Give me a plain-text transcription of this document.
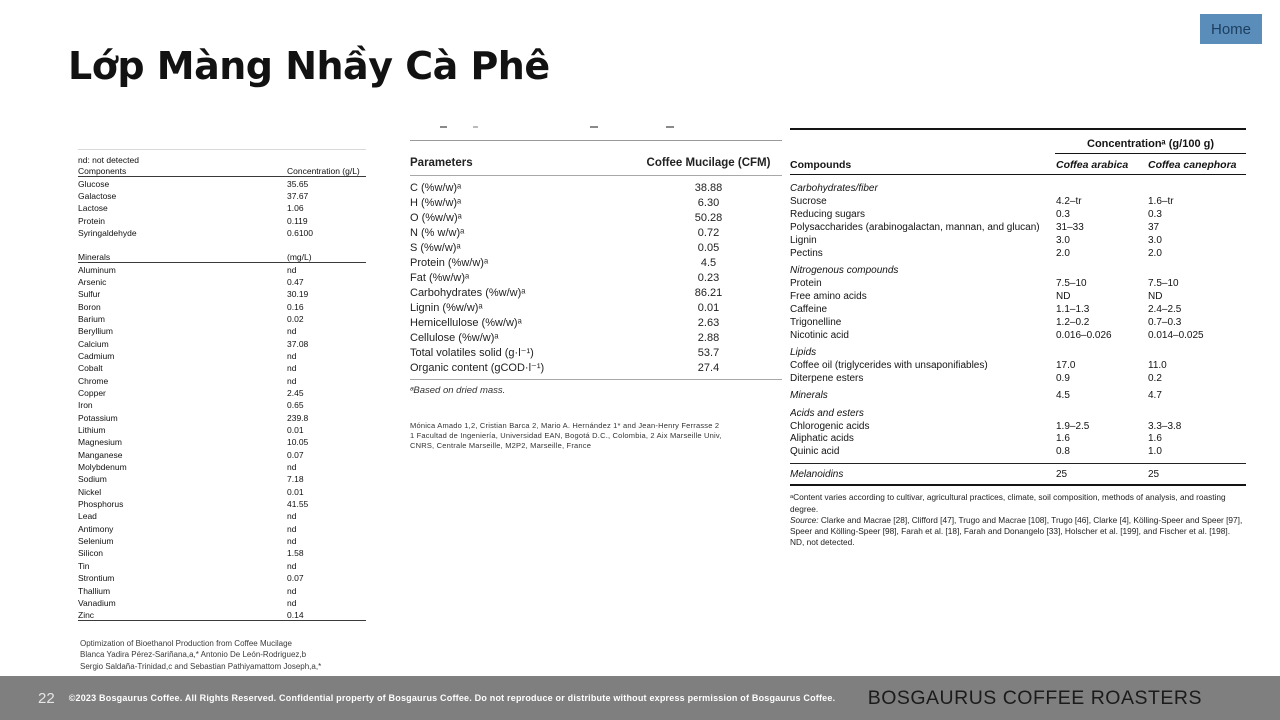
Home
Lớp Màng Nhầy Cà Phê
nd: not detected
Components	Concentration (g/L)
Glucose	35.65
Galactose	37.67
Lactose	1.06
Protein	0.119
Syringaldehyde	0.6100
Minerals	(mg/L)
Aluminum	nd
Arsenic	0.47
Sulfur	30.19
Boron	0.16
Barium	0.02
Beryllium	nd
Calcium	37.08
Cadmium	nd
Cobalt	nd
Chrome	nd
Copper	2.45
Iron	0.65
Potassium	239.8
Lithium	0.01
Magnesium	10.05
Manganese	0.07
Molybdenum	nd
Sodium	7.18
Nickel	0.01
Phosphorus	41.55
Lead	nd
Antimony	nd
Selenium	nd
Silicon	1.58
Tin	nd
Strontium	0.07
Thallium	nd
Vanadium	nd
Zinc	0.14
Optimization of Bioethanol Production from Coffee Mucilage
Blanca Yadira Pérez-Sariñana,a,* Antonio De León-Rodriguez,b
Sergio Saldaña-Trinidad,c and Sebastian Pathiyamattom Joseph,a,*
Parameters	Coffee Mucilage (CFM)
C (%w/w)ᵃ	38.88
H (%w/w)ᵃ	6.30
O (%w/w)ᵃ	50.28
N (% w/w)ᵃ	0.72
S (%w/w)ᵃ	0.05
Protein (%w/w)ᵃ	4.5
Fat (%w/w)ᵃ	0.23
Carbohydrates (%w/w)ᵃ	86.21
Lignin (%w/w)ᵃ	0.01
Hemicellulose (%w/w)ᵃ	2.63
Cellulose (%w/w)ᵃ	2.88
Total volatiles solid (g·l⁻¹)	53.7
Organic content (gCOD·l⁻¹)	27.4
ᵃBased on dried mass.
Mónica Amado 1,2, Cristian Barca 2, Mario A. Hernández 1* and Jean-Henry Ferrasse 2
1 Facultad de Ingeniería, Universidad EAN, Bogotá D.C., Colombia, 2 Aix Marseille Univ,
CNRS, Centrale Marseille, M2P2, Marseille, France
Concentrationᵃ (g/100 g)
Compounds	Coffea arabica	Coffea canephora
Carbohydrates/fiber
Sucrose	4.2–tr	1.6–tr
Reducing sugars	0.3	0.3
Polysaccharides (arabinogalactan, mannan, and glucan)	31–33	37
Lignin	3.0	3.0
Pectins	2.0	2.0
Nitrogenous compounds
Protein	7.5–10	7.5–10
Free amino acids	ND	ND
Caffeine	1.1–1.3	2.4–2.5
Trigonelline	1.2–0.2	0.7–0.3
Nicotinic acid	0.016–0.026	0.014–0.025
Lipids
Coffee oil (triglycerides with unsaponifiables)	17.0	11.0
Diterpene esters	0.9	0.2
Minerals	4.5	4.7
Acids and esters
Chlorogenic acids	1.9–2.5	3.3–3.8
Aliphatic acids	1.6	1.6
Quinic acid	0.8	1.0
Melanoidins	25	25
ᵃContent varies according to cultivar, agricultural practices, climate, soil composition, methods of analysis, and roasting degree.
Source: Clarke and Macrae [28], Clifford [47], Trugo and Macrae [108], Trugo [46], Clarke [4], Kölling-Speer and Speer [97], Speer and Kölling-Speer [98], Farah et al. [18], Farah and Donangelo [33], Holscher et al. [199], and Fischer et al. [198].
ND, not detected.
22 ©2023 Bosgaurus Coffee. All Rights Reserved. Confidential property of Bosgaurus Coffee. Do not reproduce or distribute without express permission of Bosgaurus Coffee. BOSGAURUS COFFEE ROASTERS
